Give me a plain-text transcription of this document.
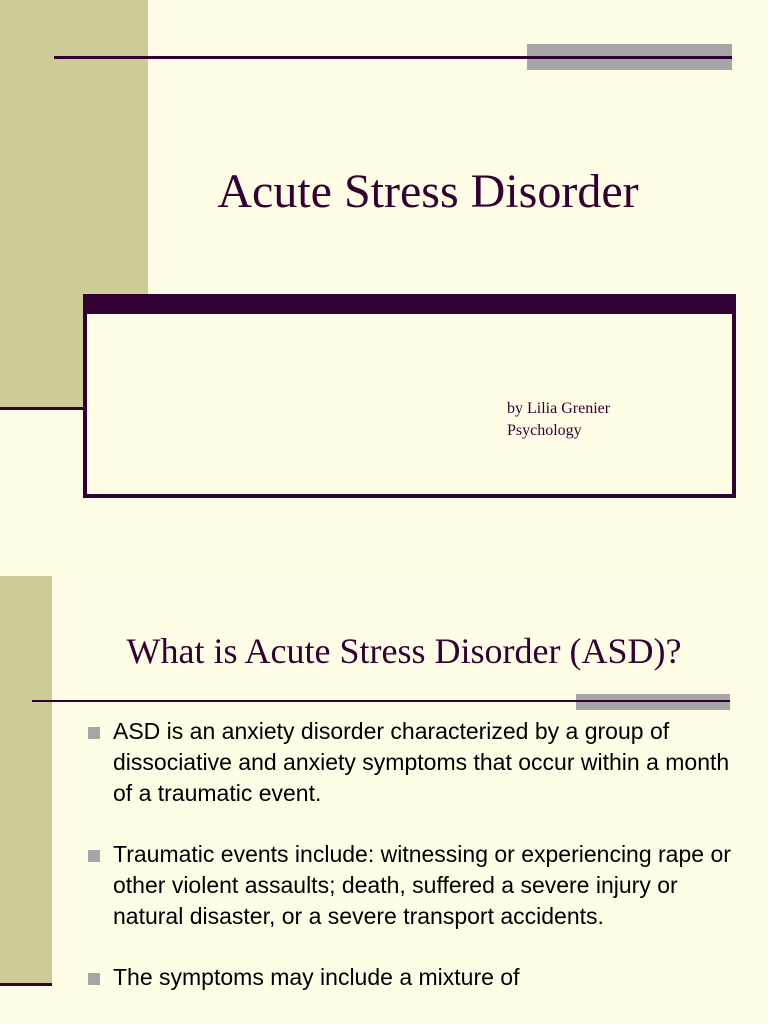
Acute Stress Disorder
by Lilia Grenier
Psychology
What is Acute Stress Disorder (ASD)?
ASD is an anxiety disorder characterized by a group of dissociative and anxiety symptoms that occur within a month of a traumatic event.
Traumatic events include: witnessing or experiencing rape or other violent assaults; death, suffered a severe injury or natural disaster, or a severe transport accidents.
The symptoms may include a mixture of
